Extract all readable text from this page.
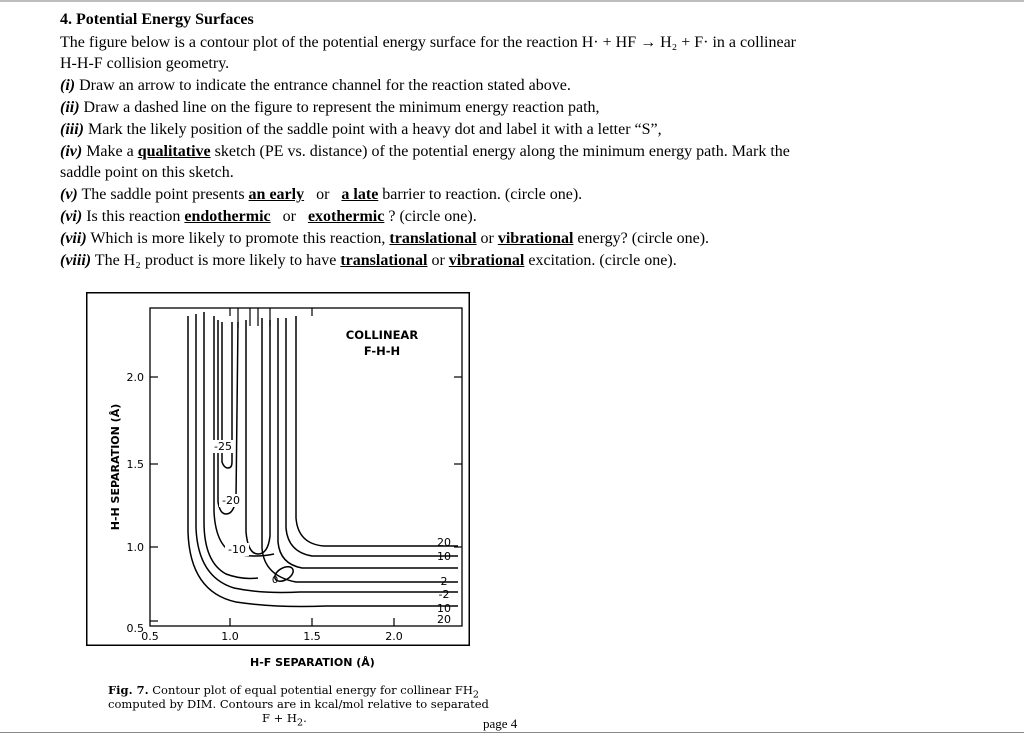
4. Potential Energy Surfaces
The figure below is a contour plot of the potential energy surface for the reaction H· + HF → H₂ + F· in a collinear
H-H-F collision geometry.
(i) Draw an arrow to indicate the entrance channel for the reaction stated above.
(ii) Draw a dashed line on the figure to represent the minimum energy reaction path,
(iii) Mark the likely position of the saddle point with a heavy dot and label it with a letter “S”,
(iv) Make a qualitative sketch (PE vs. distance) of the potential energy along the minimum energy path. Mark the
saddle point on this sketch.
(v) The saddle point presents an early   or   a late barrier to reaction. (circle one).
(vi) Is this reaction endothermic   or   exothermic ? (circle one).
(vii) Which is more likely to promote this reaction, translational or vibrational energy? (circle one).
(viii) The H₂ product is more likely to have translational or vibrational excitation. (circle one).
COLLINEAR
F-H-H
H-H SEPARATION (Å)
2.0
1.5
1.0
0.5
0.5	1.0	1.5	2.0
-25
-20
-10
0
20
10
2
-2
10
20
H-F SEPARATION (Å)
Fig. 7. Contour plot of equal potential energy for collinear $FH_2$
computed by DIM. Contours are in kcal/mol relative to separated
$F + H_2$.	page 4
